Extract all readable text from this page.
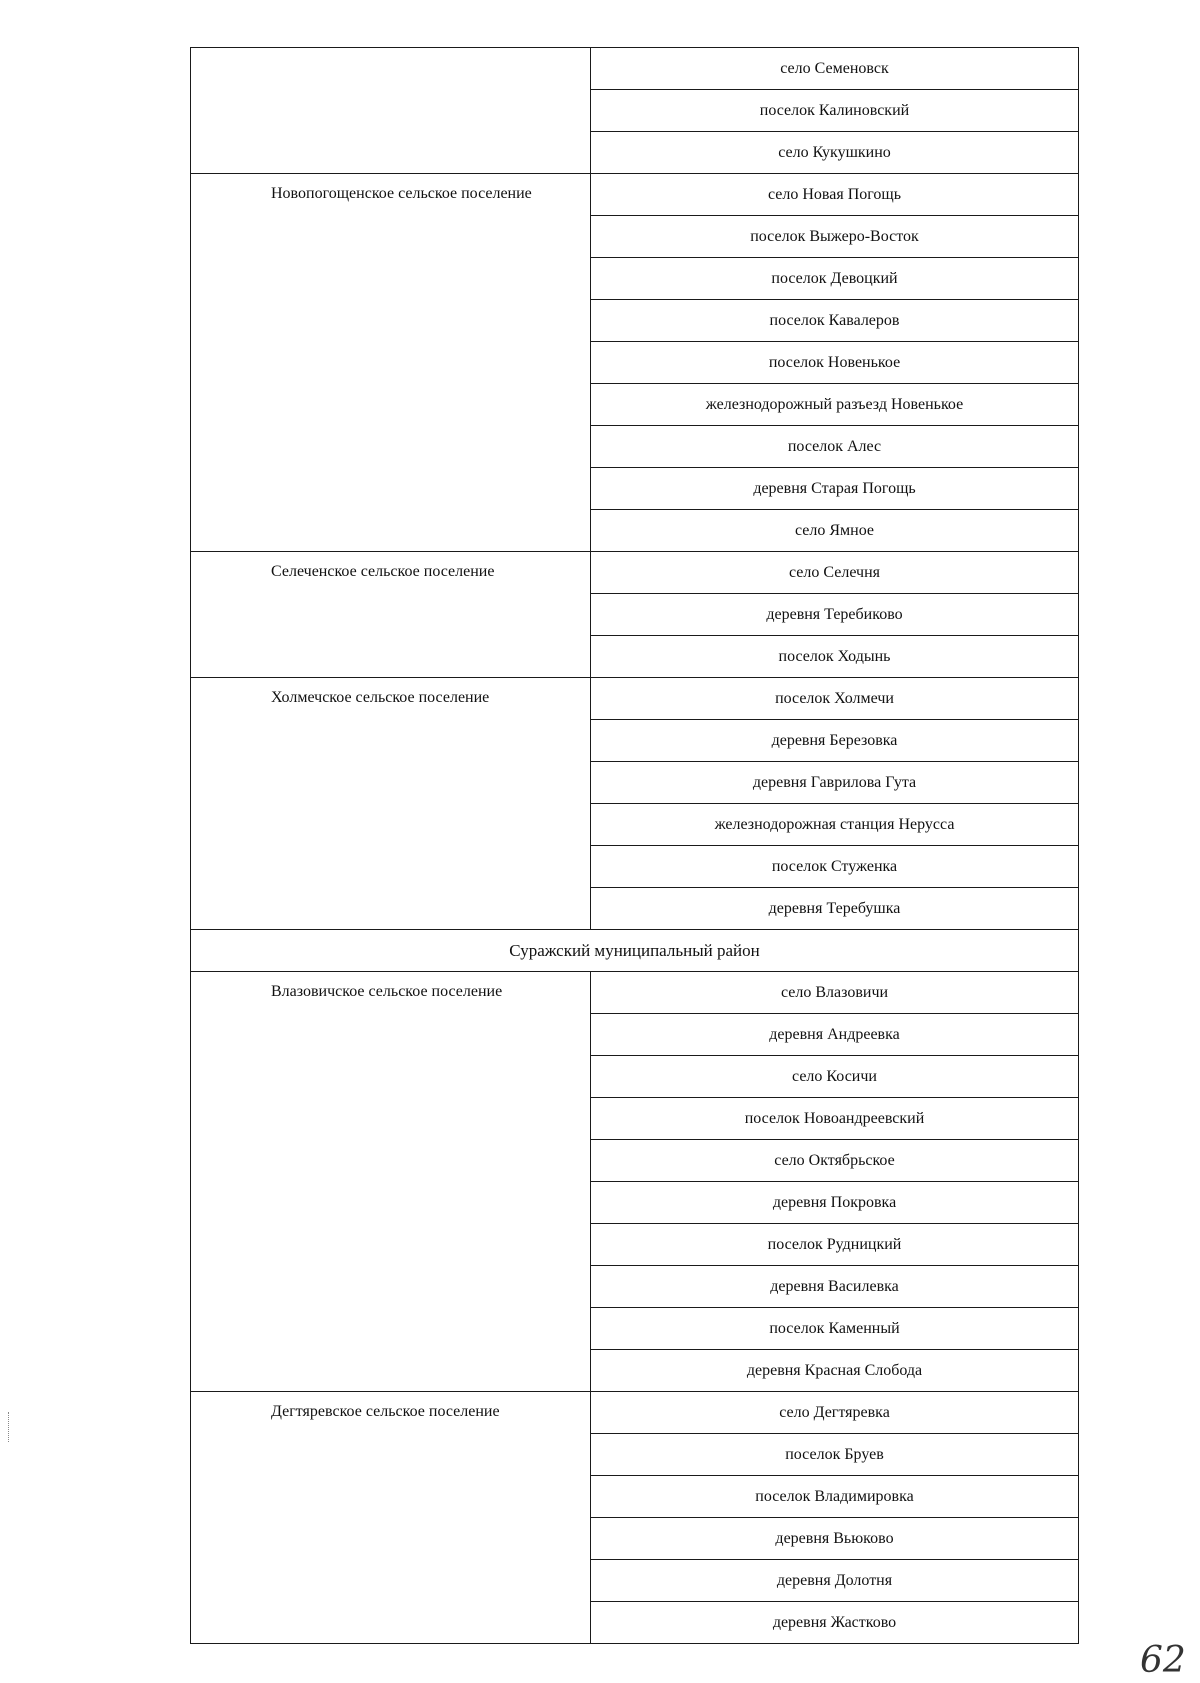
	село Семеновск
	поселок Калиновский
	село Кукушкино
Новопогощенское сельское поселение	село Новая Погощь
	поселок Выжеро-Восток
	поселок Девоцкий
	поселок Кавалеров
	поселок Новенькое
	железнодорожный разъезд Новенькое
	поселок Алес
	деревня Старая Погощь
	село Ямное
Селеченское сельское поселение	село Селечня
	деревня Теребиково
	поселок Ходынь
Холмечское сельское поселение	поселок Холмечи
	деревня Березовка
	деревня Гаврилова Гута
	железнодорожная станция Нерусса
	поселок Стуженка
	деревня Теребушка
Суражский муниципальный район	
Влазовичское сельское поселение	село Влазовичи
	деревня Андреевка
	село Косичи
	поселок Новоандреевский
	село Октябрьское
	деревня Покровка
	поселок Рудницкий
	деревня Василевка
	поселок Каменный
	деревня Красная Слобода
Дегтяревское сельское поселение	село Дегтяревка
	поселок Бруев
	поселок Владимировка
	деревня Вьюково
	деревня Долотня
	деревня Жастково
62
